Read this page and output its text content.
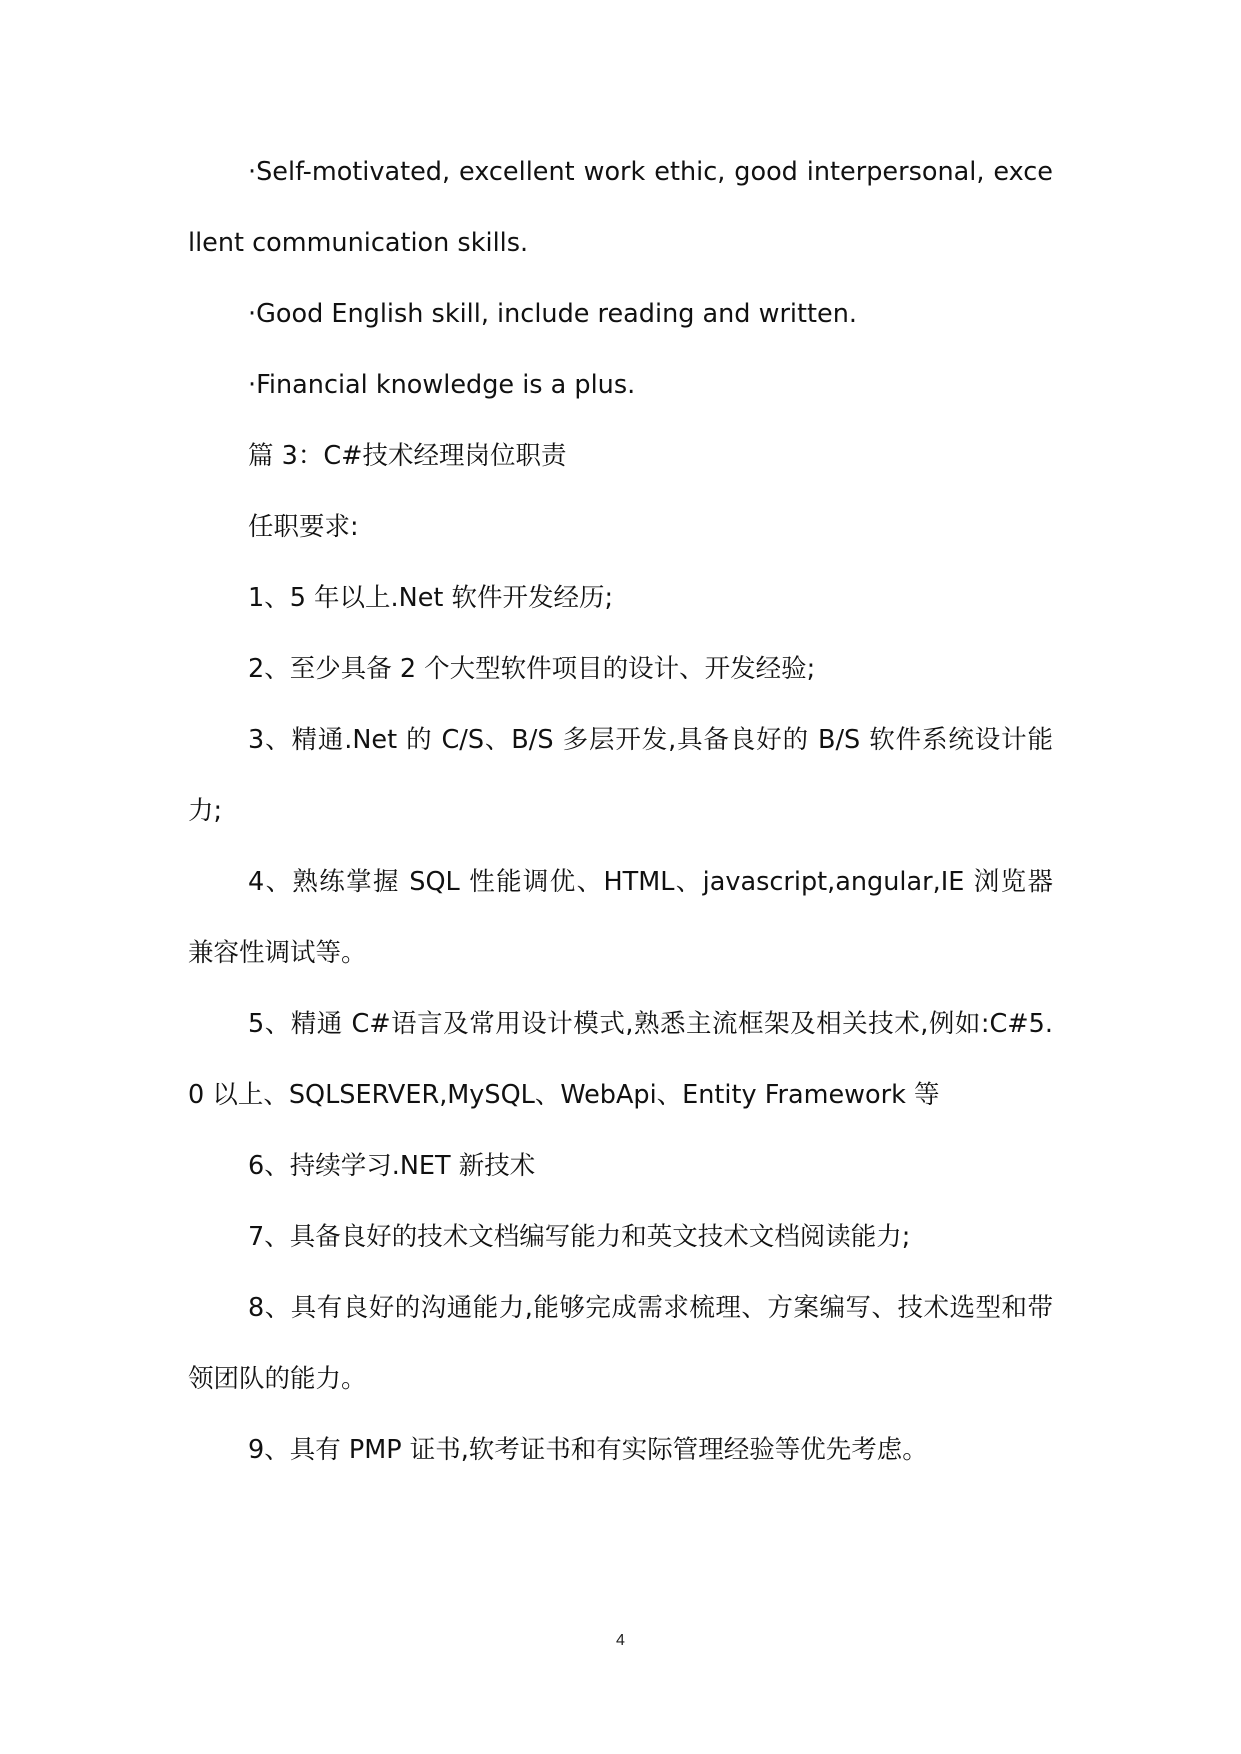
·Self-motivated, excellent work ethic, good interpersonal, excellent communication skills.

·Good English skill, include reading and written.

·Financial knowledge is a plus.

篇 3：C#技术经理岗位职责

任职要求:

1、5 年以上.Net 软件开发经历;

2、至少具备 2 个大型软件项目的设计、开发经验;

3、精通.Net 的 C/S、B/S 多层开发,具备良好的 B/S 软件系统设计能力;

4、熟练掌握 SQL 性能调优、HTML、javascript,angular,IE 浏览器兼容性调试等。

5、精通 C#语言及常用设计模式,熟悉主流框架及相关技术,例如:C#5.0 以上、SQLSERVER,MySQL、WebApi、Entity Framework 等

6、持续学习.NET 新技术

7、具备良好的技术文档编写能力和英文技术文档阅读能力;

8、具有良好的沟通能力,能够完成需求梳理、方案编写、技术选型和带领团队的能力。

9、具有 PMP 证书,软考证书和有实际管理经验等优先考虑。

4
